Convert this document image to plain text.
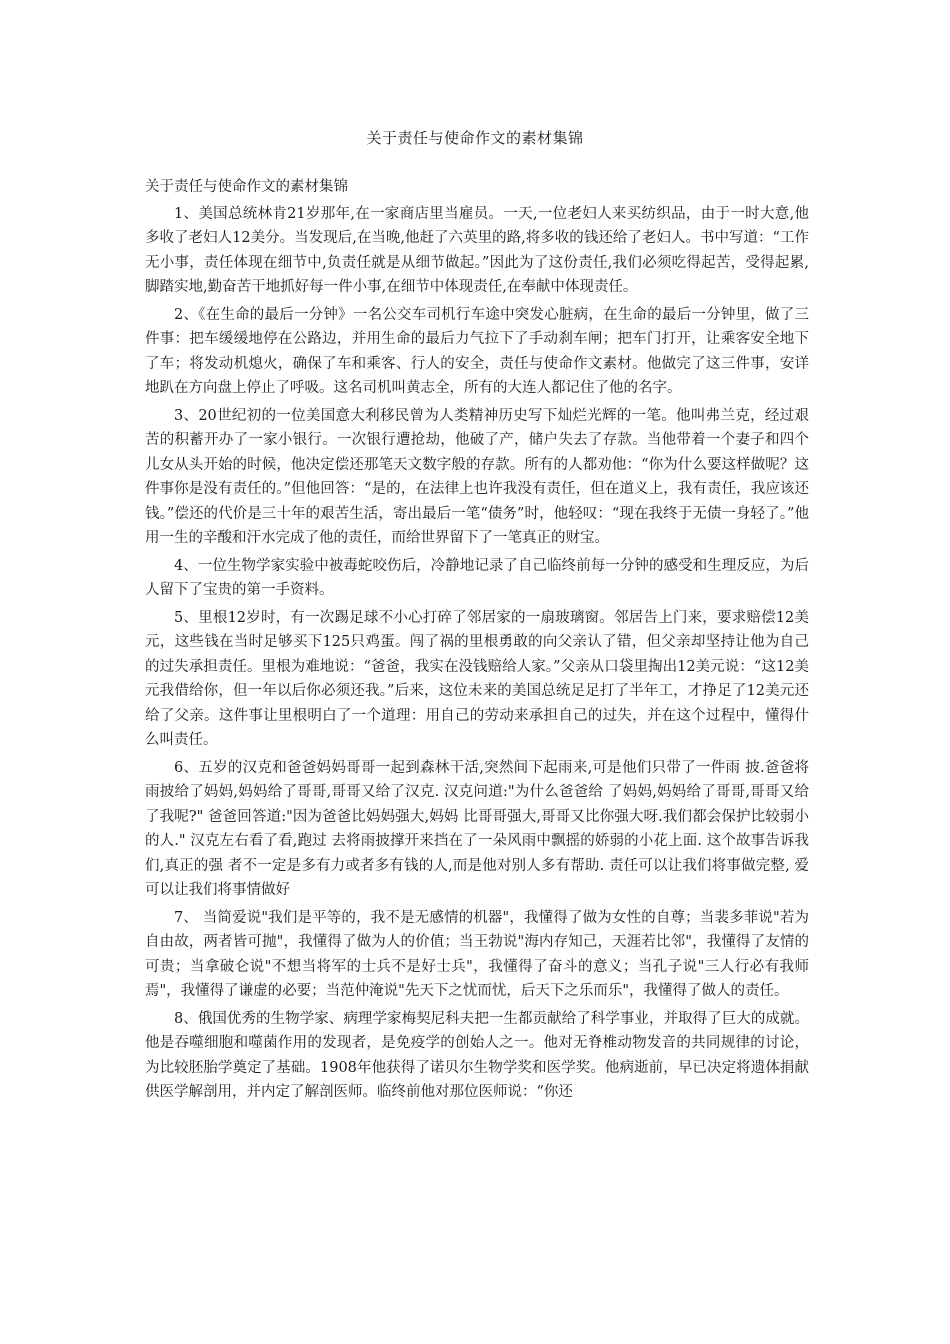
关于责任与使命作文的素材集锦

关于责任与使命作文的素材集锦

1、美国总统林肯21岁那年,在一家商店里当雇员。一天,一位老妇人来买纺织品，由于一时大意,他多收了老妇人12美分。当发现后,在当晚,他赶了六英里的路,将多收的钱还给了老妇人。书中写道：“工作无小事，责任体现在细节中,负责任就是从细节做起。”因此为了这份责任,我们必须吃得起苦，受得起累,脚踏实地,勤奋苦干地抓好每一件小事,在细节中体现责任,在奉献中体现责任。

2、《在生命的最后一分钟》一名公交车司机行车途中突发心脏病，在生命的最后一分钟里，做了三件事：把车缓缓地停在公路边，并用生命的最后力气拉下了手动刹车闸；把车门打开，让乘客安全地下了车；将发动机熄火，确保了车和乘客、行人的安全，责任与使命作文素材。他做完了这三件事，安详地趴在方向盘上停止了呼吸。这名司机叫黄志全，所有的大连人都记住了他的名字。

3、20世纪初的一位美国意大利移民曾为人类精神历史写下灿烂光辉的一笔。他叫弗兰克，经过艰苦的积蓄开办了一家小银行。一次银行遭抢劫，他破了产，储户失去了存款。当他带着一个妻子和四个儿女从头开始的时候，他决定偿还那笔天文数字般的存款。所有的人都劝他：“你为什么要这样做呢？这件事你是没有责任的。”但他回答：“是的，在法律上也许我没有责任，但在道义上，我有责任，我应该还钱。”偿还的代价是三十年的艰苦生活，寄出最后一笔“债务”时，他轻叹：“现在我终于无债一身轻了。”他用一生的辛酸和汗水完成了他的责任，而给世界留下了一笔真正的财宝。

4、一位生物学家实验中被毒蛇咬伤后，冷静地记录了自己临终前每一分钟的感受和生理反应，为后人留下了宝贵的第一手资料。

5、里根12岁时，有一次踢足球不小心打碎了邻居家的一扇玻璃窗。邻居告上门来，要求赔偿12美元，这些钱在当时足够买下125只鸡蛋。闯了祸的里根勇敢的向父亲认了错，但父亲却坚持让他为自己的过失承担责任。里根为难地说：“爸爸，我实在没钱赔给人家。”父亲从口袋里掏出12美元说：“这12美元我借给你，但一年以后你必须还我。”后来，这位未来的美国总统足足打了半年工，才挣足了12美元还给了父亲。这件事让里根明白了一个道理：用自己的劳动来承担自己的过失，并在这个过程中，懂得什么叫责任。

6、五岁的汉克和爸爸妈妈哥哥一起到森林干活,突然间下起雨来,可是他们只带了一件雨 披.爸爸将雨披给了妈妈,妈妈给了哥哥,哥哥又给了汉克. 汉克问道:"为什么爸爸给 了妈妈,妈妈给了哥哥,哥哥又给了我呢?" 爸爸回答道:"因为爸爸比妈妈强大,妈妈 比哥哥强大,哥哥又比你强大呀.我们都会保护比较弱小的人." 汉克左右看了看,跑过 去将雨披撑开来挡在了一朵风雨中飘摇的娇弱的小花上面. 这个故事告诉我们,真正的强 者不一定是多有力或者多有钱的人,而是他对别人多有帮助. 责任可以让我们将事做完整, 爱可以让我们将事情做好

7、 当简爱说"我们是平等的，我不是无感情的机器"，我懂得了做为女性的自尊；当裴多菲说"若为自由故，两者皆可抛"，我懂得了做为人的价值；当王勃说"海内存知己，天涯若比邻"，我懂得了友情的可贵；当拿破仑说"不想当将军的士兵不是好士兵"，我懂得了奋斗的意义；当孔子说"三人行必有我师焉"，我懂得了谦虚的必要；当范仲淹说"先天下之忧而忧，后天下之乐而乐"，我懂得了做人的责任。

8、俄国优秀的生物学家、病理学家梅契尼科夫把一生都贡献给了科学事业，并取得了巨大的成就。他是吞噬细胞和噬菌作用的发现者，是免疫学的创始人之一。他对无脊椎动物发音的共同规律的讨论，为比较胚胎学奠定了基础。1908年他获得了诺贝尔生物学奖和医学奖。他病逝前，早已决定将遗体捐献供医学解剖用，并内定了解剖医师。临终前他对那位医师说：“你还
